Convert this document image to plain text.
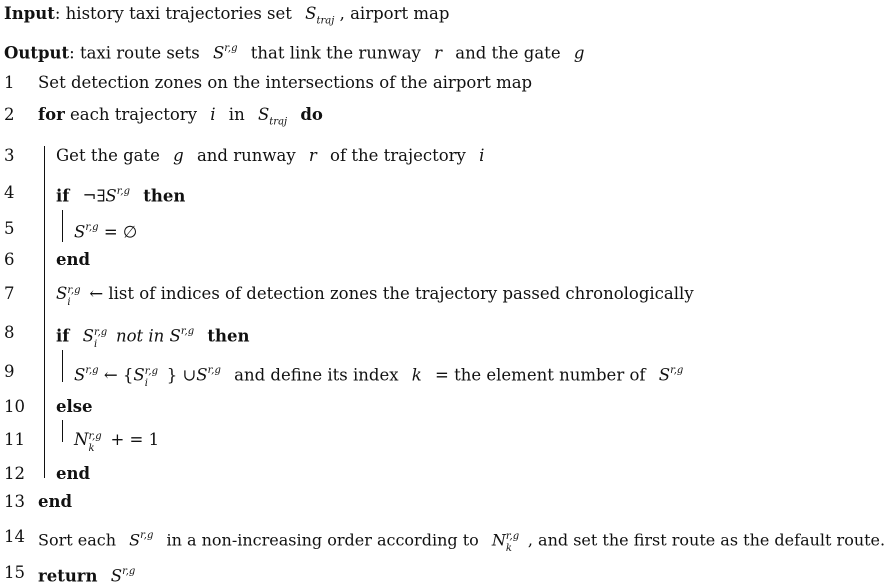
Input: history taxi trajectories set $S_{traj}$ , airport map
Output: taxi route sets S$^{r,g}$ that link the runway r and the gate g
1 Set detection zones on the intersections of the airport map
2 for each trajectory i in $S_{traj}$ do
3	Get the gate g and runway r of the trajectory i
4	if $\neg\exists S^{r,g}$ then
5	S$^{r,g}$ = ∅
6	end
7	S r,g
i ← list of indices of detection zones the trajectory passed chronologically
8	if S r,g
i not in S$^{r,g}$ then
9	S$^{r,g}$ ← {S r,g
i } $\cup S^{r,g}$ and define its index k = the element number of S$^{r,g}$
10 else
11	N r,g
k + = 1
12 end
13 end
14 Sort each S$^{r,g}$ in a non-increasing order according to N r,g
k , and set the first route as the default route.
15 return S$^{r,g}$
